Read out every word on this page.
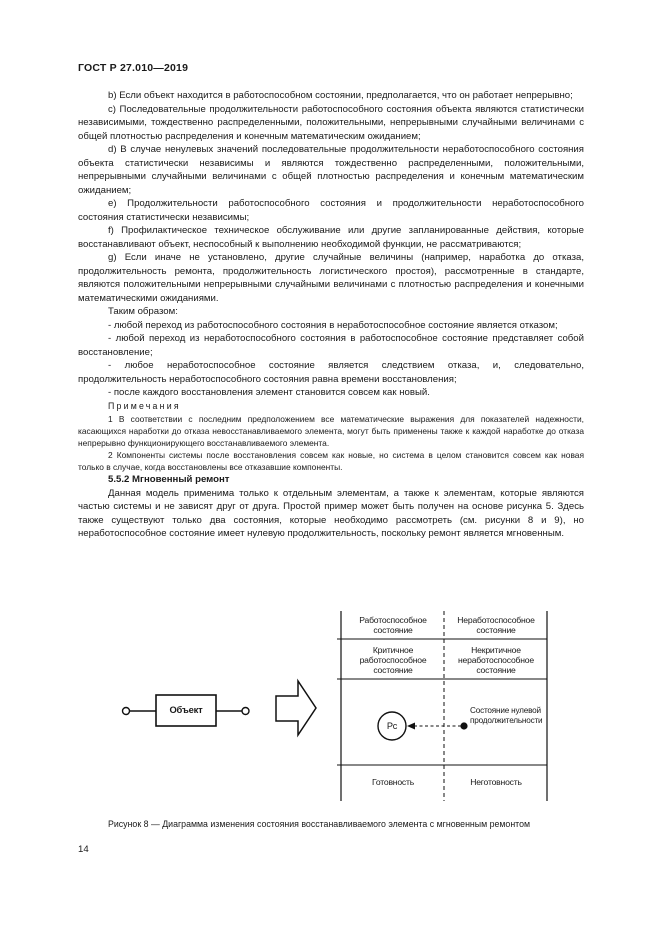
ГОСТ Р 27.010—2019

b) Если объект находится в работоспособном состоянии, предполагается, что он работает непрерывно;

c) Последовательные продолжительности работоспособного состояния объекта являются статистически независимыми, тождественно распределенными, положительными, непрерывными случайными величинами с общей плотностью распределения и конечным математическим ожиданием;

d) В случае ненулевых значений последовательные продолжительности неработоспособного состояния объекта статистически независимы и являются тождественно распределенными, положительными, непрерывными случайными величинами с общей плотностью распределения и конечным математическим ожиданием;

e) Продолжительности работоспособного состояния и продолжительности неработоспособного состояния статистически независимы;

f) Профилактическое техническое обслуживание или другие запланированные действия, которые восстанавливают объект, неспособный к выполнению необходимой функции, не рассматриваются;

g) Если иначе не установлено, другие случайные величины (например, наработка до отказа, продолжительность ремонта, продолжительность логистического простоя), рассмотренные в стандарте, являются положительными непрерывными случайными величинами с плотностью распределения и конечными математическими ожиданиями.

Таким образом:

- любой переход из работоспособного состояния в неработоспособное состояние является отказом;

- любой переход из неработоспособного состояния в работоспособное состояние представляет собой восстановление;

- любое неработоспособное состояние является следствием отказа, и, следовательно, продолжительность неработоспособного состояния равна времени восстановления;

- после каждого восстановления элемент становится совсем как новый.

Примечания

1 В соответствии с последним предположением все математические выражения для показателей надежности, касающихся наработки до отказа невосстанавливаемого элемента, могут быть применены также к каждой наработке до отказа непрерывно функционирующего восстанавливаемого элемента.

2 Компоненты системы после восстановления совсем как новые, но система в целом становится совсем как новая только в случае, когда восстановлены все отказавшие компоненты.

5.5.2 Мгновенный ремонт

Данная модель применима только к отдельным элементам, а также к элементам, которые являются частью системы и не зависят друг от друга. Простой пример может быть получен на основе рисунка 5. Здесь также существуют только два состояния, которые необходимо рассмотреть (см. рисунки 8 и 9), но неработоспособное состояние имеет нулевую продолжительность, поскольку ремонт является мгновенным.

Объект
Работоспособное состояние
Неработоспособное состояние
Критичное работоспособное состояние
Некритичное неработоспособное состояние
Рс
Состояние нулевой продолжительности
Готовность	Неготовность
Рисунок 8 — Диаграмма изменения состояния восстанавливаемого элемента с мгновенным ремонтом
14
